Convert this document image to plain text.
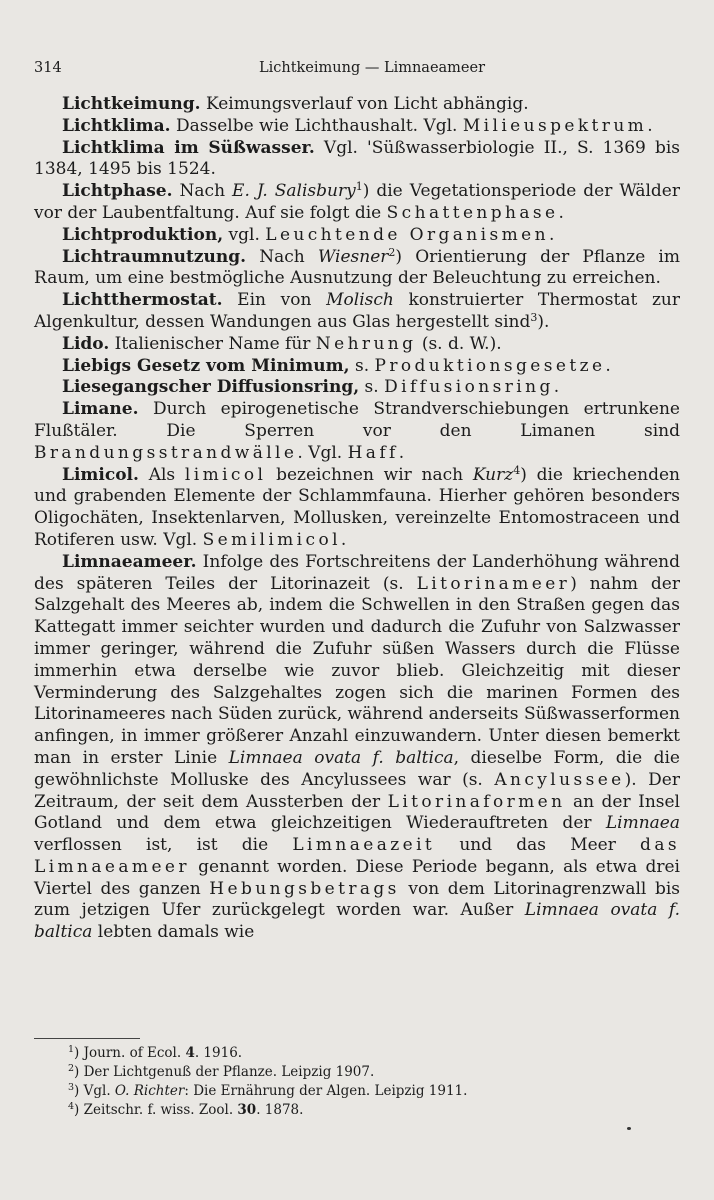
314	Lichtkeimung — Limnaeameer

Lichtkeimung. Keimungsverlauf von Licht abhängig.

Lichtklima. Dasselbe wie Lichthaushalt. Vgl. Milieuspektrum.

Lichtklima im Süßwasser. Vgl. 'Süßwasserbiologie II., S. 1369 bis 1384, 1495 bis 1524.

Lichtphase. Nach E. J. Salisbury$^1$) die Vegetationsperiode der Wälder vor der Laubentfaltung. Auf sie folgt die Schattenphase.

Lichtproduktion, vgl. Leuchtende Organismen.

Lichtraumnutzung. Nach Wiesner$^2$) Orientierung der Pflanze im Raum, um eine bestmögliche Ausnutzung der Beleuchtung zu erreichen.

Lichtthermostat. Ein von Molisch konstruierter Thermostat zur Algenkultur, dessen Wandungen aus Glas hergestellt sind$^3$).

Lido. Italienischer Name für Nehrung (s. d. W.).

Liebigs Gesetz vom Minimum, s. Produktionsgesetze.

Liesegangscher Diffusionsring, s. Diffusionsring.

Limane. Durch epirogenetische Strandverschiebungen ertrunkene Flußtäler. Die Sperren vor den Limanen sind Brandungsstrandwälle. Vgl. Haff.

Limicol. Als limicol bezeichnen wir nach Kurz$^4$) die kriechenden und grabenden Elemente der Schlammfauna. Hierher gehören besonders Oligochäten, Insektenlarven, Mollusken, vereinzelte Entomostraceen und Rotiferen usw. Vgl. Semilimicol.

Limnaeameer. Infolge des Fortschreitens der Landerhöhung während des späteren Teiles der Litorinazeit (s. Litorinameer) nahm der Salzgehalt des Meeres ab, indem die Schwellen in den Straßen gegen das Kattegatt immer seichter wurden und dadurch die Zufuhr von Salzwasser immer geringer, während die Zufuhr süßen Wassers durch die Flüsse immerhin etwa derselbe wie zuvor blieb. Gleichzeitig mit dieser Verminderung des Salzgehaltes zogen sich die marinen Formen des Litorinameeres nach Süden zurück, während anderseits Süßwasserformen anfingen, in immer größerer Anzahl einzuwandern. Unter diesen bemerkt man in erster Linie Limnaea ovata f. baltica, dieselbe Form, die die gewöhnlichste Molluske des Ancylussees war (s. Ancylussee). Der Zeitraum, der seit dem Aussterben der Litorinaformen an der Insel Gotland und dem etwa gleichzeitigen Wiederauftreten der Limnaea verflossen ist, ist die Limnaeazeit und das Meer das Limnaeameer genannt worden. Diese Periode begann, als etwa drei Viertel des ganzen Hebungsbetrags von dem Litorinagrenzwall bis zum jetzigen Ufer zurückgelegt worden war. Außer Limnaea ovata f. baltica lebten damals wie

$^1$) Journ. of Ecol. 4. 1916.

$^2$) Der Lichtgenuß der Pflanze. Leipzig 1907.

$^3$) Vgl. O. Richter: Die Ernährung der Algen. Leipzig 1911.

$^4$) Zeitschr. f. wiss. Zool. 30. 1878.
